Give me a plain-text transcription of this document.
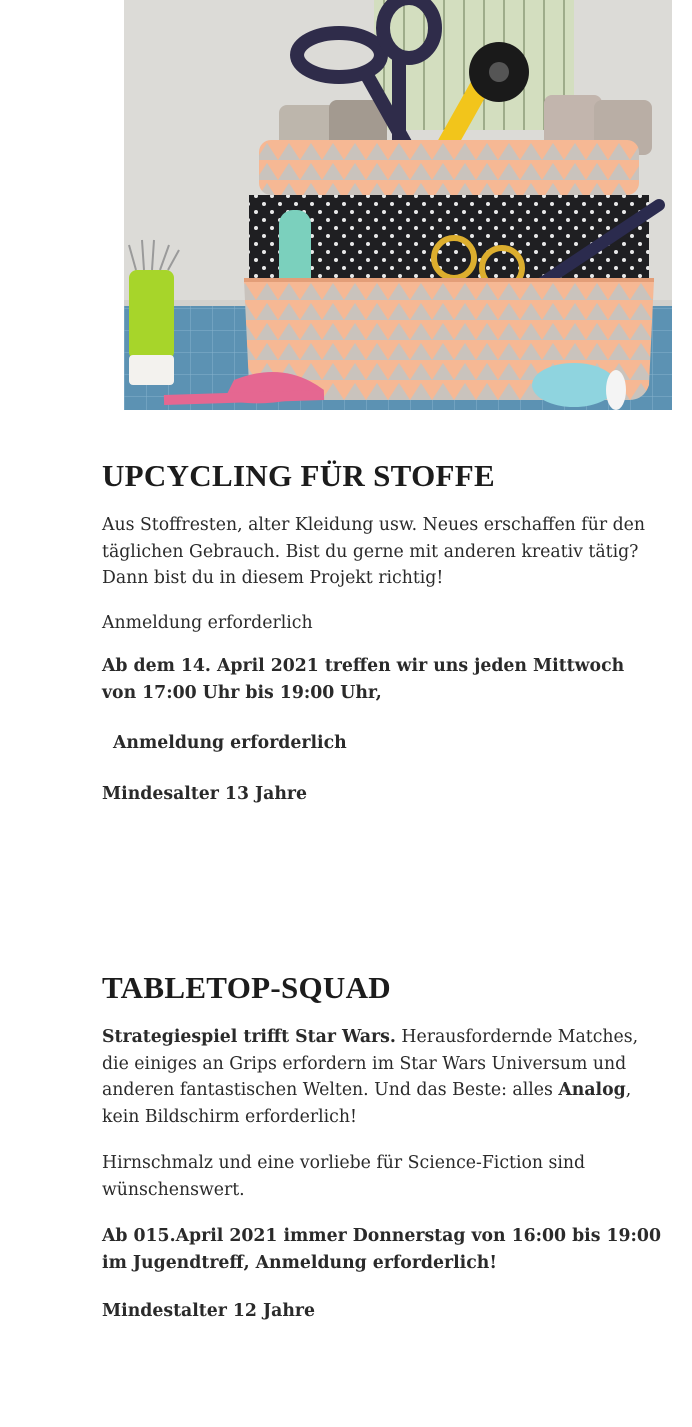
UPCYCLING FÜR STOFFE

Aus Stoffresten, alter Kleidung usw. Neues erschaffen für den täglichen Gebrauch. Bist du gerne mit anderen kreativ tätig? Dann bist du in diesem Projekt richtig!

Anmeldung erforderlich

Ab dem 14. April 2021 treffen wir uns jeden Mittwoch von 17:00 Uhr bis 19:00 Uhr,

Anmeldung erforderlich

Mindesalter 13 Jahre

TABLETOP-SQUAD

Strategiespiel trifft Star Wars. Herausfordernde Matches, die einiges an Grips erfordern im Star Wars Universum und anderen fantastischen Welten. Und das Beste: alles Analog, kein Bildschirm erforderlich!

Hirnschmalz und eine vorliebe für Science-Fiction sind wünschenswert.

Ab 015.April 2021 immer Donnerstag von 16:00 bis 19:00 im Jugendtreff, Anmeldung erforderlich!

Mindestalter 12 Jahre
